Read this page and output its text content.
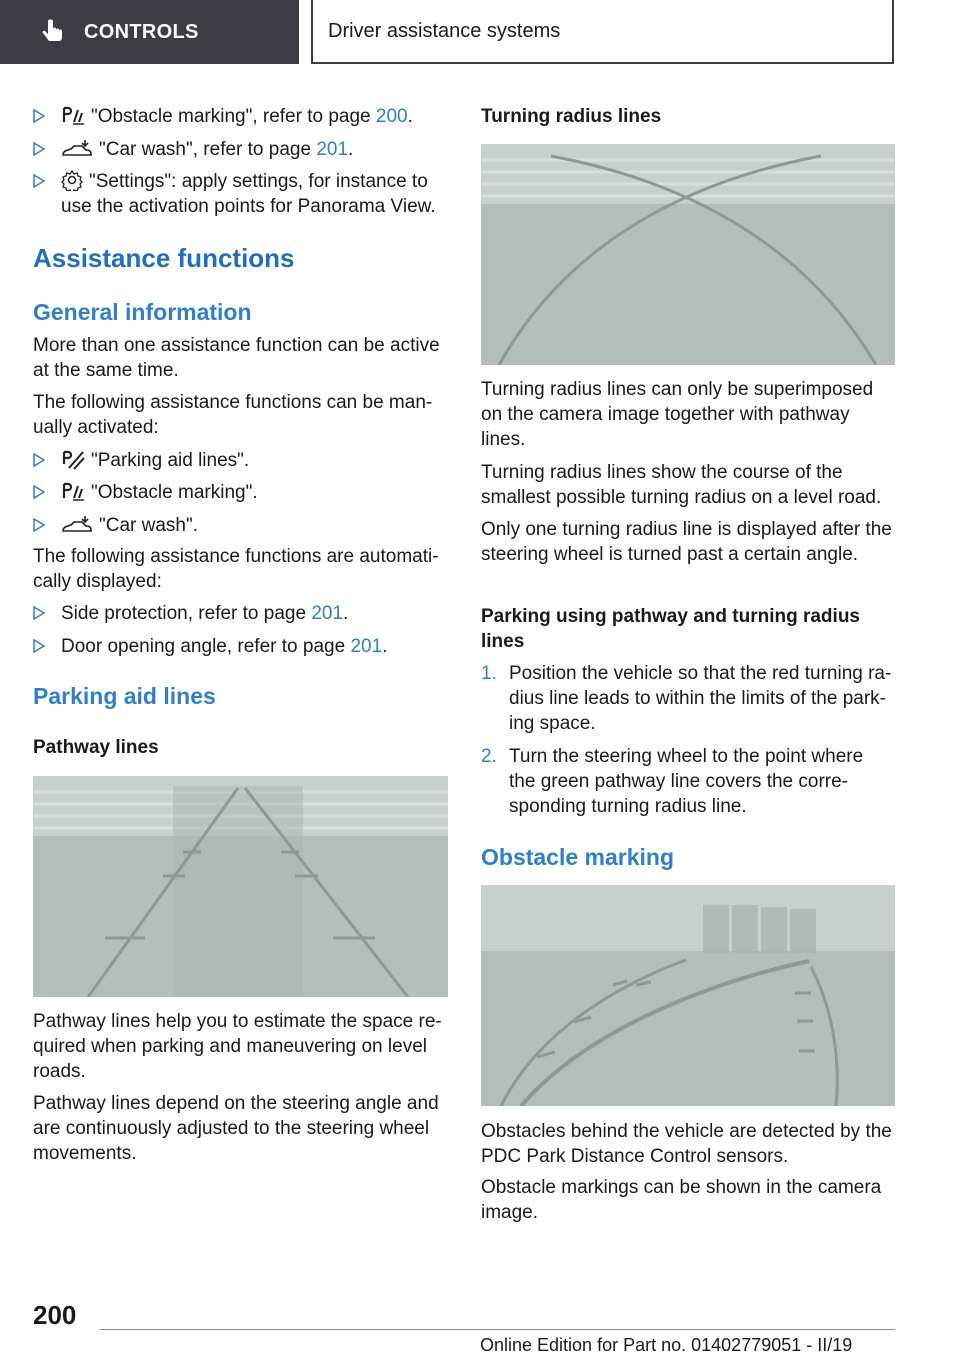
CONTROLS	Driver assistance systems
"Obstacle marking", refer to page 200.
"Car wash", refer to page 201.
"Settings": apply settings, for instance to
use the activation points for Panorama View.
Assistance functions
General information
More than one assistance function can be active
at the same time.
The following assistance functions can be man‐
ually activated:
"Parking aid lines".
"Obstacle marking".
"Car wash".
The following assistance functions are automati‐
cally displayed:
Side protection, refer to page 201.
Door opening angle, refer to page 201.
Parking aid lines
Pathway lines
Pathway lines help you to estimate the space re‐
quired when parking and maneuvering on level
roads.
Pathway lines depend on the steering angle and
are continuously adjusted to the steering wheel
movements.
Turning radius lines
Turning radius lines can only be superimposed
on the camera image together with pathway
lines.
Turning radius lines show the course of the
smallest possible turning radius on a level road.
Only one turning radius line is displayed after the
steering wheel is turned past a certain angle.
Parking using pathway and turning radius
lines
1. Position the vehicle so that the red turning ra‐
dius line leads to within the limits of the park‐
ing space.
2. Turn the steering wheel to the point where
the green pathway line covers the corre‐
sponding turning radius line.
Obstacle marking
Obstacles behind the vehicle are detected by the
PDC Park Distance Control sensors.
Obstacle markings can be shown in the camera
image.
200
Online Edition for Part no. 01402779051 - II/19
